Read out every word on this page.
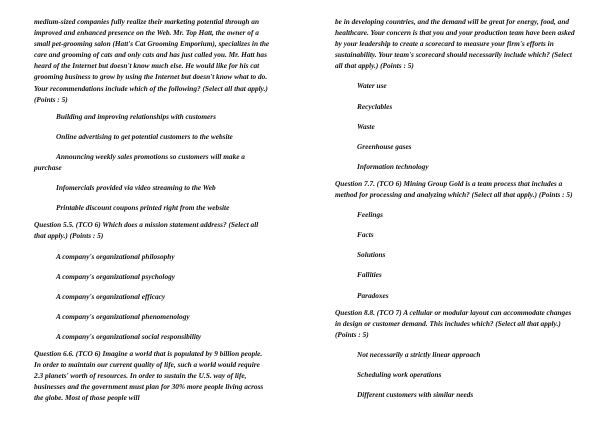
medium-sized companies fully realize their marketing potential through an improved and enhanced presence on the Web. Mr. Top Hatt, the owner of a small pet-grooming salon (Hatt's Cat Grooming Emporium), specializes in the care and grooming of cats and only cats and has just called you. Mr. Hatt has heard of the Internet but doesn't know much else. He would like for his cat grooming business to grow by using the Internet but doesn't know what to do. Your recommendations include which of the following? (Select all that apply.) (Points : 5)

Building and improving relationships with customers

Online advertising to get potential customers to the website

Announcing weekly sales promotions so customers will make a purchase

Infomercials provided via video streaming to the Web

Printable discount coupons printed right from the website

Question 5.5. (TCO 6) Which does a mission statement address? (Select all that apply.) (Points : 5)

A company's organizational philosophy

A company's organizational psychology

A company's organizational efficacy

A company's organizational phenomenology

A company's organizational social responsibility

Question 6.6. (TCO 6) Imagine a world that is populated by 9 billion people. In order to maintain our current quality of life, such a world would require 2.3 planets' worth of resources. In order to sustain the U.S. way of life, businesses and the government must plan for 30% more people living across the globe. Most of those people will

be in developing countries, and the demand will be great for energy, food, and healthcare. Your concern is that you and your production team have been asked by your leadership to create a scorecard to measure your firm's efforts in sustainability. Your team's scorecard should necessarily include which? (Select all that apply.) (Points : 5)

Water use

Recyclables

Waste

Greenhouse gases

Information technology

Question 7.7. (TCO 6) Mining Group Gold is a team process that includes a method for processing and analyzing which? (Select all that apply.) (Points : 5)

Feelings

Facts

Solutions

Fallities

Paradoxes

Question 8.8. (TCO 7) A cellular or modular layout can accommodate changes in design or customer demand. This includes which? (Select all that apply.) (Points : 5)

Not necessarily a strictly linear approach

Scheduling work operations

Different customers with similar needs
